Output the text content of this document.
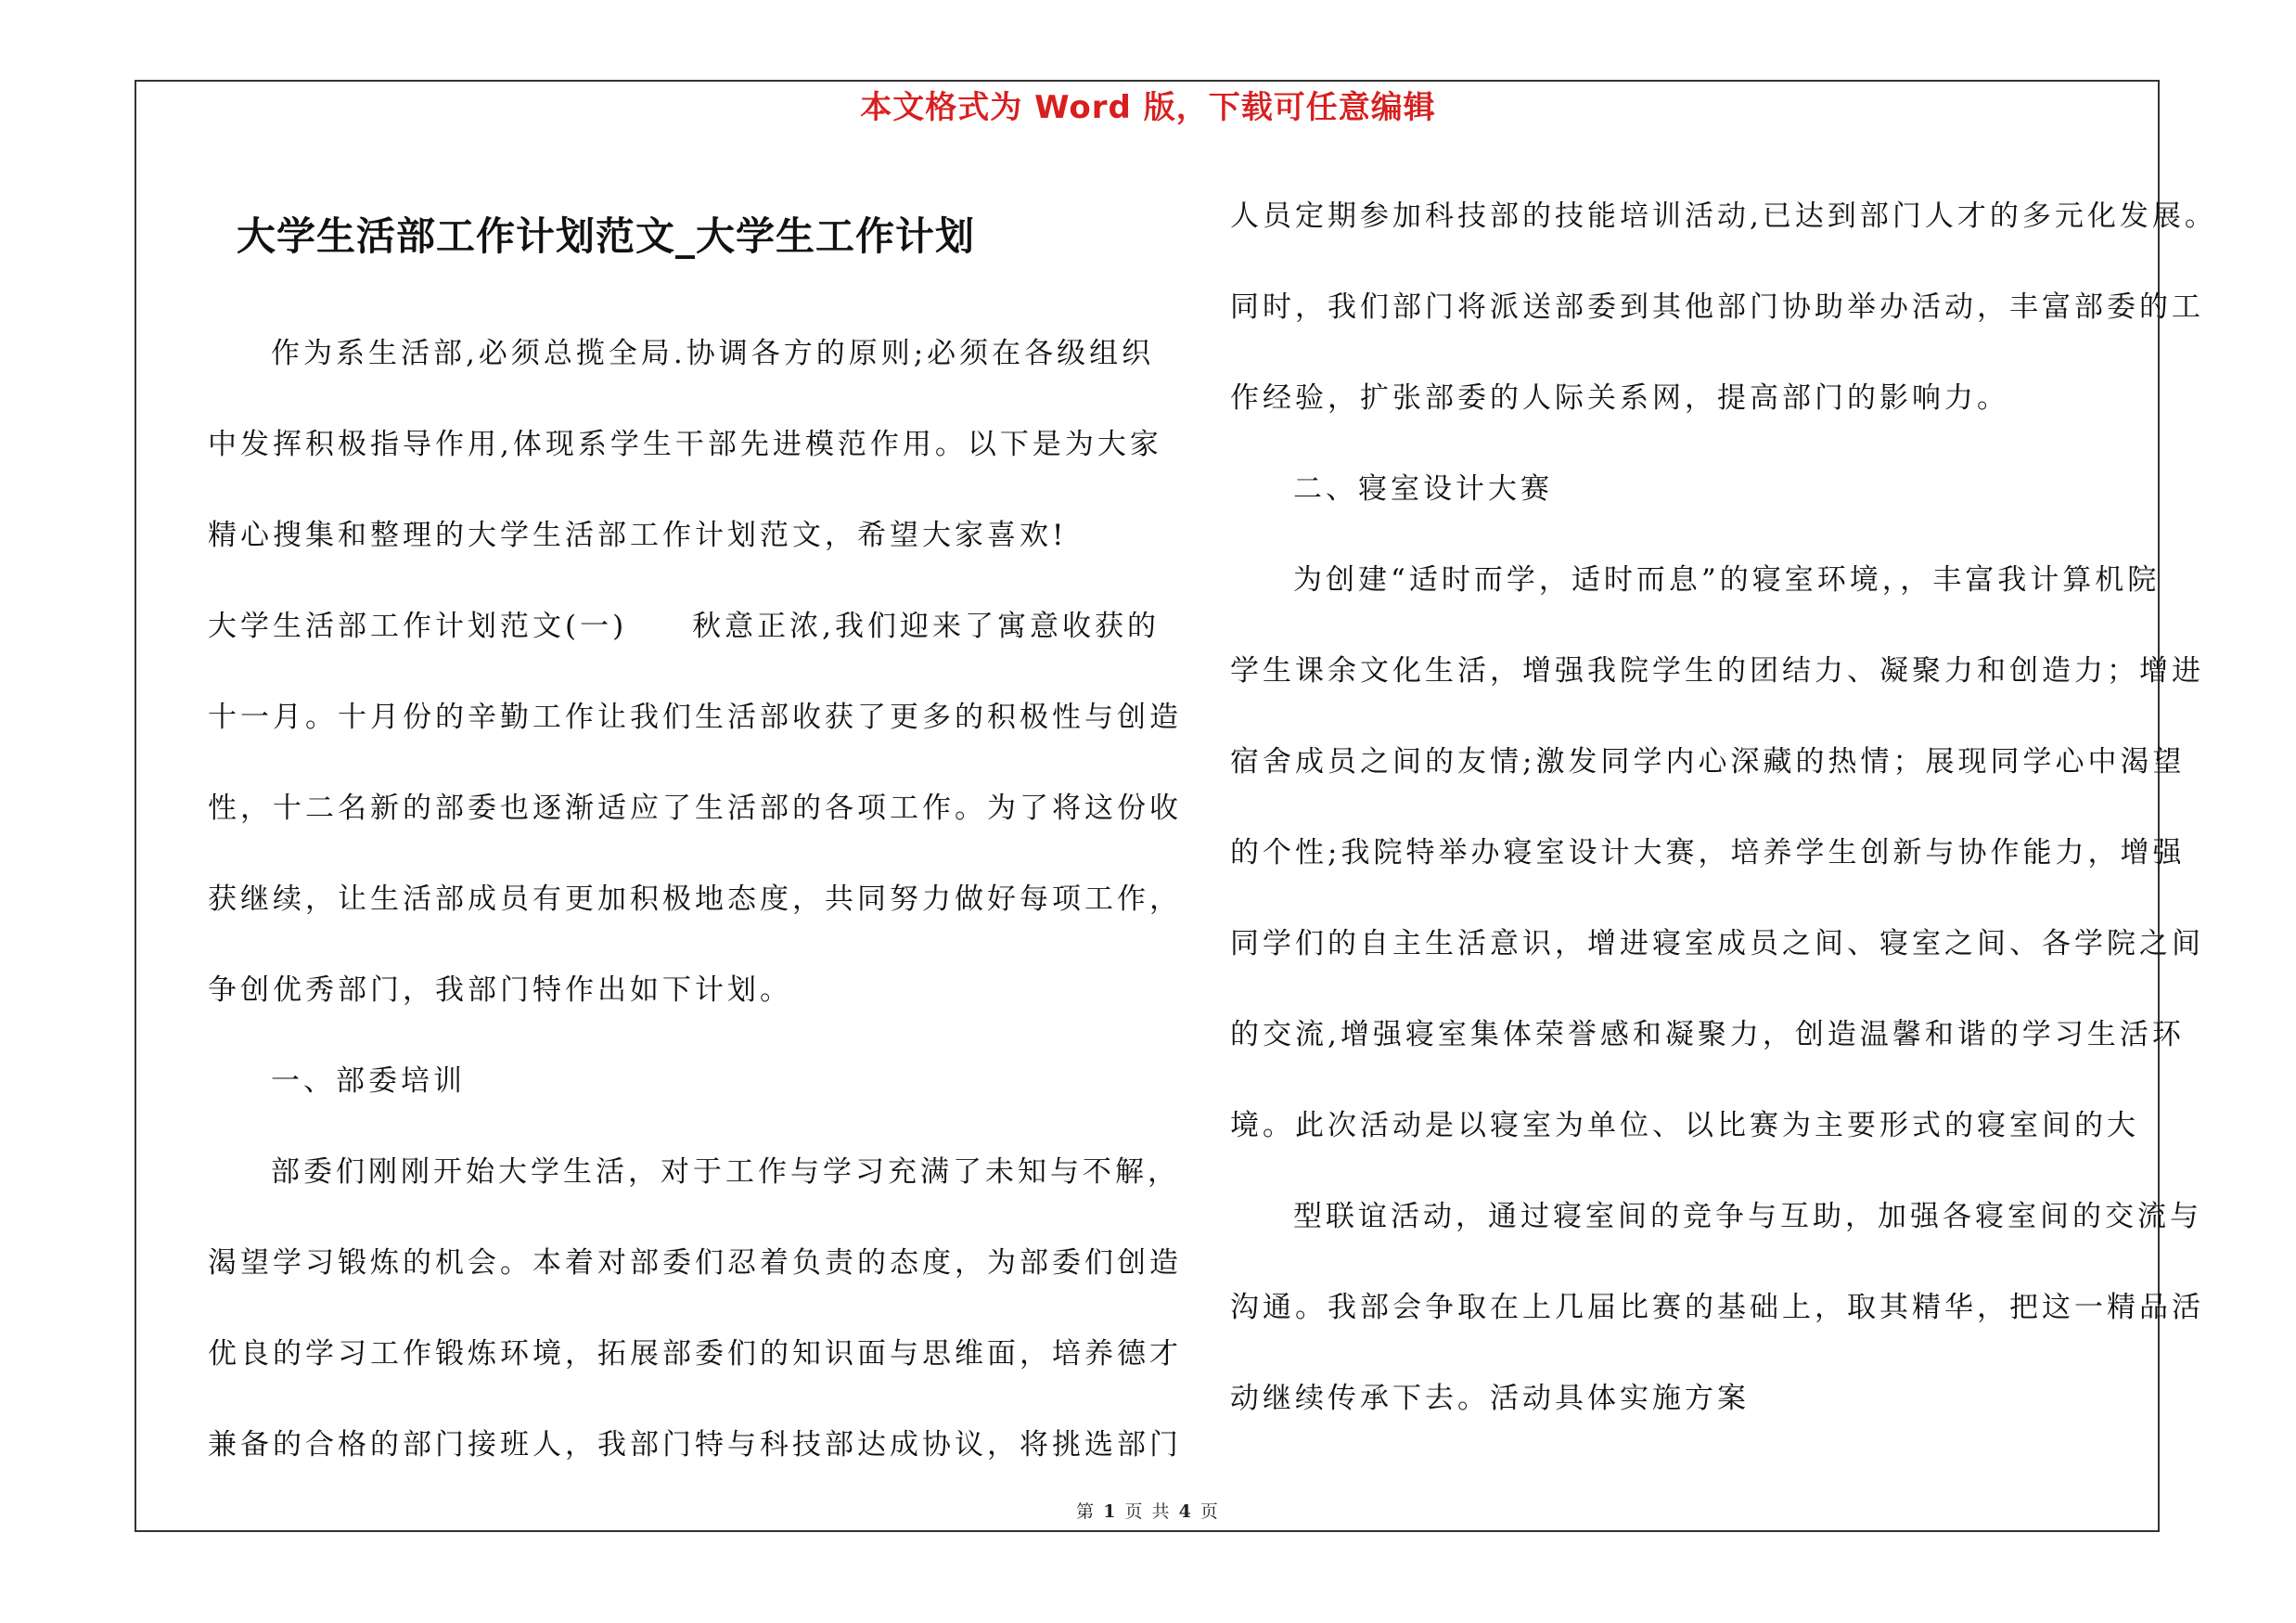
本文格式为 Word 版，下载可任意编辑
大学生活部工作计划范文_大学生工作计划
作为系生活部,必须总揽全局.协调各方的原则;必须在各级组织
中发挥积极指导作用,体现系学生干部先进模范作用。以下是为大家
精心搜集和整理的大学生活部工作计划范文，希望大家喜欢!
大学生活部工作计划范文(一)　　秋意正浓,我们迎来了寓意收获的
十一月。十月份的辛勤工作让我们生活部收获了更多的积极性与创造
性，十二名新的部委也逐渐适应了生活部的各项工作。为了将这份收
获继续，让生活部成员有更加积极地态度，共同努力做好每项工作，
争创优秀部门，我部门特作出如下计划。
一、部委培训
部委们刚刚开始大学生活，对于工作与学习充满了未知与不解，
渴望学习锻炼的机会。本着对部委们忍着负责的态度，为部委们创造
优良的学习工作锻炼环境，拓展部委们的知识面与思维面，培养德才
兼备的合格的部门接班人，我部门特与科技部达成协议，将挑选部门
人员定期参加科技部的技能培训活动,已达到部门人才的多元化发展。
同时，我们部门将派送部委到其他部门协助举办活动，丰富部委的工
作经验，扩张部委的人际关系网，提高部门的影响力。
二、寝室设计大赛
为创建“适时而学，适时而息”的寝室环境，，丰富我计算机院
学生课余文化生活，增强我院学生的团结力、凝聚力和创造力；增进
宿舍成员之间的友情;激发同学内心深藏的热情；展现同学心中渴望
的个性;我院特举办寝室设计大赛，培养学生创新与协作能力，增强
同学们的自主生活意识，增进寝室成员之间、寝室之间、各学院之间
的交流,增强寝室集体荣誉感和凝聚力，创造温馨和谐的学习生活环
境。此次活动是以寝室为单位、以比赛为主要形式的寝室间的大
型联谊活动，通过寝室间的竞争与互助，加强各寝室间的交流与
沟通。我部会争取在上几届比赛的基础上，取其精华，把这一精品活
动继续传承下去。活动具体实施方案
第 1 页 共 4 页
